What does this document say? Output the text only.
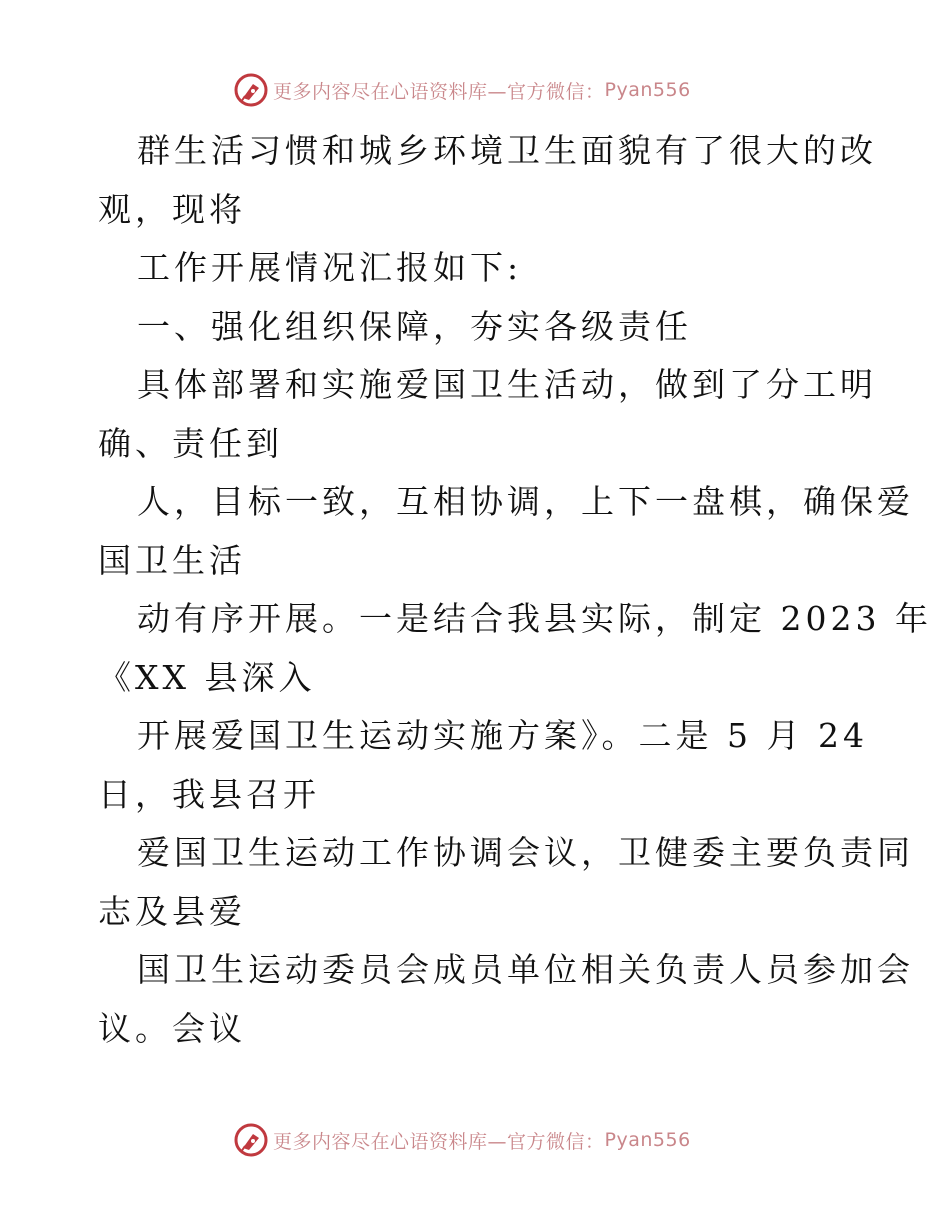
更多内容尽在心语资料库—官方微信： Pyan556
群生活习惯和城乡环境卫生面貌有了很大的改
观，现将
工作开展情况汇报如下:
一、强化组织保障，夯实各级责任
具体部署和实施爱国卫生活动，做到了分工明
确、责任到
人，目标一致，互相协调，上下一盘棋，确保爱
国卫生活
动有序开展。一是结合我县实际，制定 2023 年
《XX 县深入
开展爱国卫生运动实施方案》。二是 5 月 24
日，我县召开
爱国卫生运动工作协调会议，卫健委主要负责同
志及县爱
国卫生运动委员会成员单位相关负责人员参加会
议。会议
更多内容尽在心语资料库—官方微信： Pyan556
